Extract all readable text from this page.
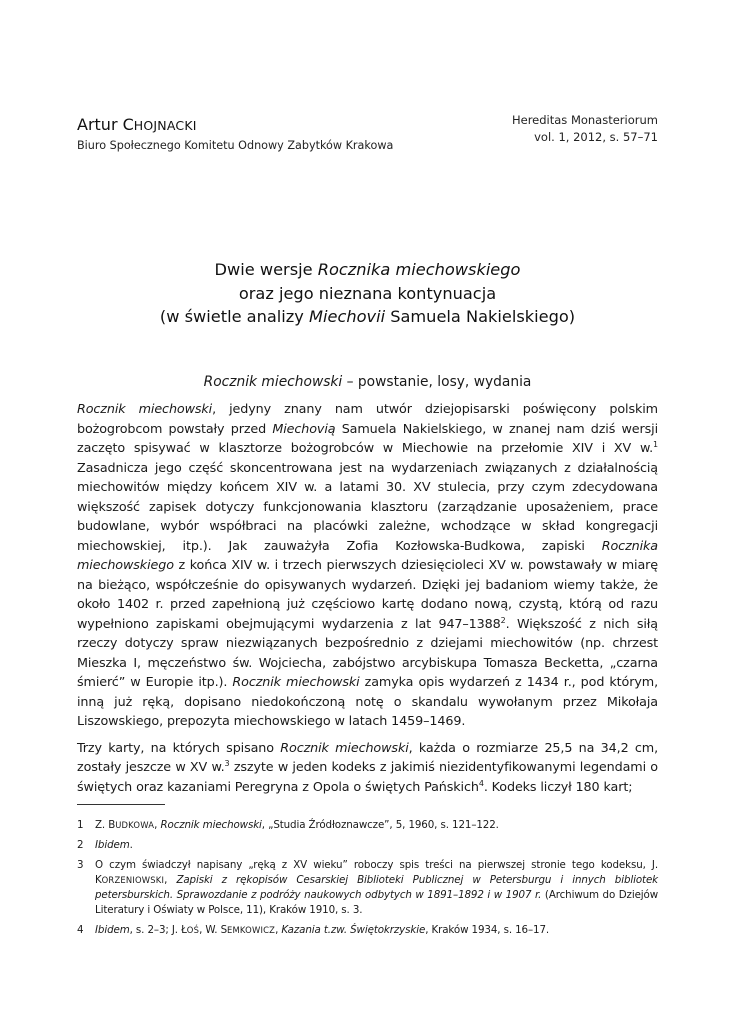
Artur CHOJNACKI
Biuro Społecznego Komitetu Odnowy Zabytków Krakowa
Hereditas Monasteriorum
vol. 1, 2012, s. 57–71
Dwie wersje Rocznika miechowskiego
oraz jego nieznana kontynuacja
(w świetle analizy Miechovii Samuela Nakielskiego)
Rocznik miechowski – powstanie, losy, wydania

Rocznik miechowski, jedyny znany nam utwór dziejopisarski poświęcony polskim bożogrobcom powstały przed Miechovią Samuela Nakielskiego, w znanej nam dziś wersji zaczęto spisywać w klasztorze bożogrobców w Miechowie na przełomie XIV i XV w.$^1$ Zasadnicza jego część skoncentrowana jest na wydarzeniach związanych z działalnością miechowitów między końcem XIV w. a latami 30. XV stulecia, przy czym zdecydowana większość zapisek dotyczy funkcjonowania klasztoru (zarządzanie uposażeniem, prace budowlane, wybór współbraci na placówki zależne, wchodzące w skład kongregacji miechowskiej, itp.). Jak zauważyła Zofia Kozłowska-Budkowa, zapiski Rocznika miechowskiego z końca XIV w. i trzech pierwszych dziesięcioleci XV w. powstawały w miarę na bieżąco, współcześnie do opisywanych wydarzeń. Dzięki jej badaniom wiemy także, że około 1402 r. przed zapełnioną już częściowo kartę dodano nową, czystą, którą od razu wypełniono zapiskami obejmującymi wydarzenia z lat 947–1388$^2$. Większość z nich siłą rzeczy dotyczy spraw niezwiązanych bezpośrednio z dziejami miechowitów (np. chrzest Mieszka I, męczeństwo św. Wojciecha, zabójstwo arcybiskupa Tomasza Becketta, „czarna śmierć” w Europie itp.). Rocznik miechowski zamyka opis wydarzeń z 1434 r., pod którym, inną już ręką, dopisano niedokończoną notę o skandalu wywołanym przez Mikołaja Liszowskiego, prepozyta miechowskiego w latach 1459–1469.

Trzy karty, na których spisano Rocznik miechowski, każda o rozmiarze 25,5 na 34,2 cm, zostały jeszcze w XV w.$^3$ zszyte w jeden kodeks z jakimiś niezidentyfikowanymi legendami o świętych oraz kazaniami Peregryna z Opola o świętych Pańskich$^4$. Kodeks liczył 180 kart;

1	Z. BUDKOWA, Rocznik miechowski, „Studia Źródłoznawcze”, 5, 1960, s. 121–122.
2	Ibidem.
3	O czym świadczył napisany „ręką z XV wieku” roboczy spis treści na pierwszej stronie tego kodeksu, J. KORZENIOWSKI, Zapiski z rękopisów Cesarskiej Biblioteki Publicznej w Petersburgu i innych bibliotek petersburskich. Sprawozdanie z podróży naukowych odbytych w 1891–1892 i w 1907 r. (Archiwum do Dziejów Literatury i Oświaty w Polsce, 11), Kraków 1910, s. 3.
4	Ibidem, s. 2–3; J. ŁOŚ, W. SEMKOWICZ, Kazania t.zw. Świętokrzyskie, Kraków 1934, s. 16–17.
